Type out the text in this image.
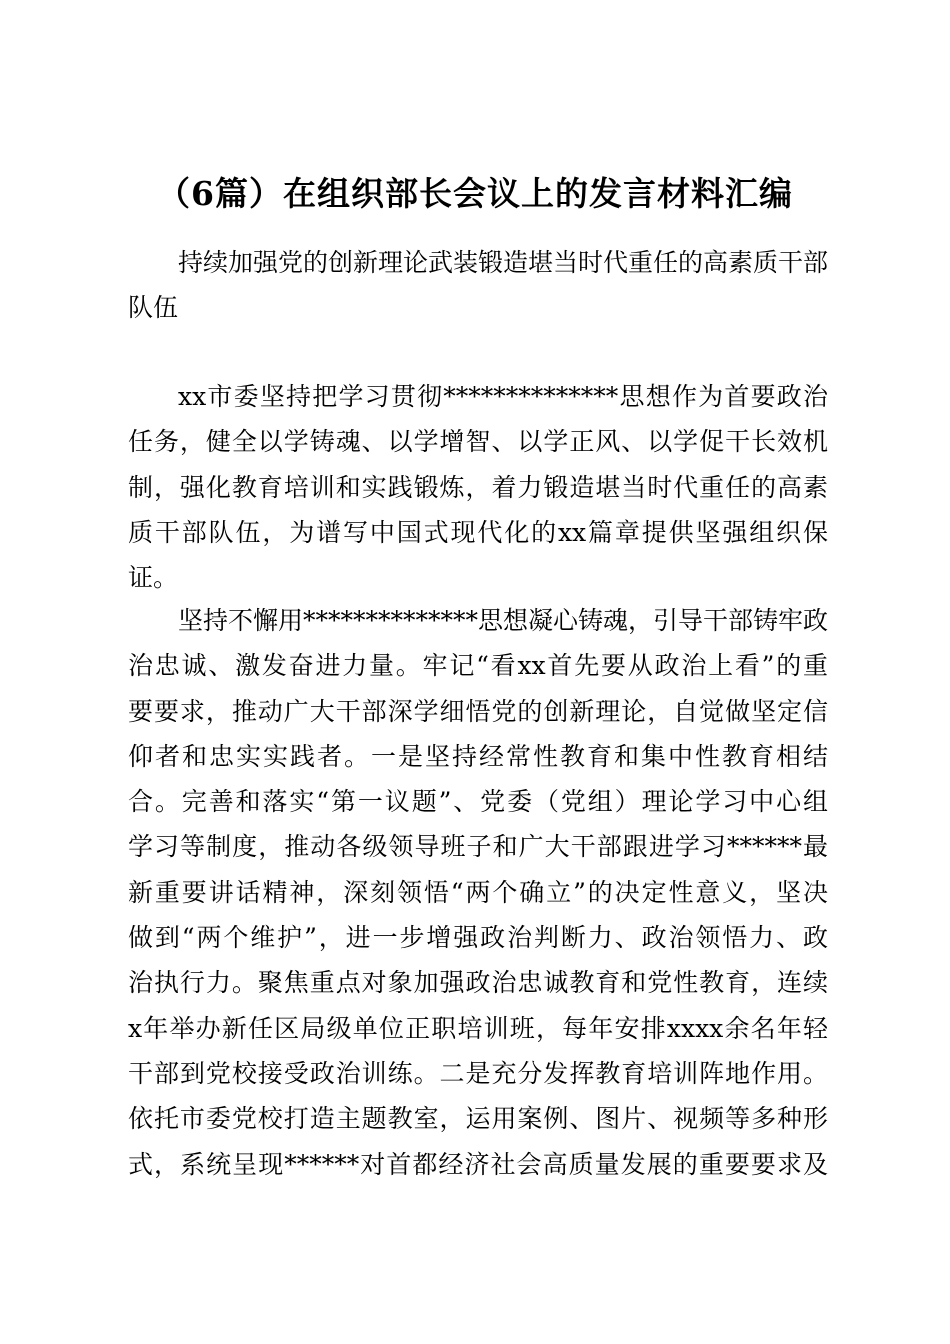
（6篇）在组织部长会议上的发言材料汇编
持续加强党的创新理论武装锻造堪当时代重任的高素质干部
队伍
xx市委坚持把学习贯彻**************思想作为首要政治
任务，健全以学铸魂、以学增智、以学正风、以学促干长效机
制，强化教育培训和实践锻炼，着力锻造堪当时代重任的高素
质干部队伍，为谱写中国式现代化的xx篇章提供坚强组织保
证。
坚持不懈用**************思想凝心铸魂，引导干部铸牢政
治忠诚、激发奋进力量。牢记“看xx首先要从政治上看”的重
要要求，推动广大干部深学细悟党的创新理论，自觉做坚定信
仰者和忠实实践者。一是坚持经常性教育和集中性教育相结
合。完善和落实“第一议题”、党委（党组）理论学习中心组
学习等制度，推动各级领导班子和广大干部跟进学习******最
新重要讲话精神，深刻领悟“两个确立”的决定性意义，坚决
做到“两个维护”，进一步增强政治判断力、政治领悟力、政
治执行力。聚焦重点对象加强政治忠诚教育和党性教育，连续
x年举办新任区局级单位正职培训班，每年安排xxxx余名年轻
干部到党校接受政治训练。二是充分发挥教育培训阵地作用。
依托市委党校打造主题教室，运用案例、图片、视频等多种形
式，系统呈现******对首都经济社会高质量发展的重要要求及
